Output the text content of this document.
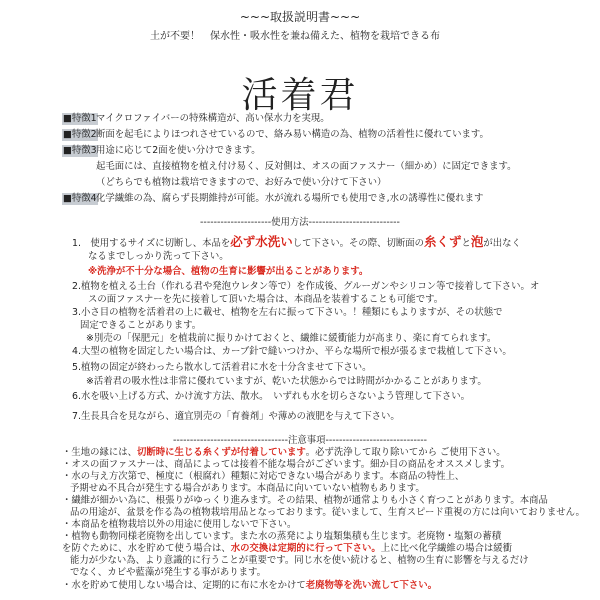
~~~取扱説明書~~~
土が不要！　保水性・吸水性を兼ね備えた、植物を栽培できる布
活着君
■特徴1 マイクロファイバーの特殊構造が、高い保水力を実現。
■特徴2 断面を起毛によりほつれさせているので、絡み易い構造の為、植物の活着性に優れています。
■特徴3 用途に応じて2面を使い分けできます。
起毛面には、直接植物を植え付け易く、反対側は、オスの面ファスナー（細かめ）に固定できます。
（どちらでも植物は栽培できますので、お好みで使い分けて下さい）
■特徴4 化学繊維の為、腐らず長期維持が可能。水が流れる場所でも使用でき,水の誘導性に優れます
---------------------使用方法---------------------------
1.　使用するサイズに切断し、本品を必ず水洗いして下さい。その際、切断面の糸くずと泡が出なく
なるまでしっかり洗って下さい。
※洗浄が不十分な場合、植物の生育に影響が出ることがあります。
2.植物を植える土台（作れる君や発泡ウレタン等で）を作成後、グルーガンやシリコン等で接着して下さい。オ
スの面ファスナーを先に接着して頂いた場合は、本商品を装着することも可能です。
3.小さ目の植物を活着君の上に載せ、植物を左右に振って下さい。！種類にもよりますが、その状態で
固定できることがあります。
※別売の「保肥元」を植栽前に振りかけておくと、繊維に緩衝能力が高まり、楽に育てられます。
4.大型の植物を固定したい場合は、カーブ針で縫いつけか、平らな場所で根が張るまで栽植して下さい。
5.植物の固定が終わったら散水して活着君に水を十分含ませて下さい。
※活着君の吸水性は非常に優れていますが、乾いた状態からでは時間がかかることがあります。
6.水を吸い上げる方式、かけ流す方法、散水。　いずれも水を切らさないよう管理して下さい。
7.生長具合を見ながら、適宜別売の「育養剤」や薄めの液肥を与えて下さい。
----------------------------------注意事項------------------------------
・生地の縁には、切断時に生じる糸くずが付着しています。必ず洗浄して取り除いてから ご使用下さい。
・オスの面ファスナーは、商品によっては接着不能な場合がございます。細か目の商品をオススメします。
・水の与え方次第で、極度に（根腐れ）種類に対応できない場合があります。本商品の特性上、
予期せぬ不具合が発生する場合があります。本商品に向いていない植物もあります。
・繊維が細かい為に、根張りがゆっくり進みます。その結果、植物が通常よりも小さく育つことがあります。本商品
品の用途が、盆景を作る為の植物栽培用品となっております。従いまして、生育スピード重視の方には向いておりません。
・本商品を植物栽培以外の用途に使用しないで下さい。
・植物も動物同様老廃物を出しています。また水の蒸発により塩類集積も生じます。老廃物・塩類の蓄積
を防ぐために、水を貯めて使う場合は、水の交換は定期的に行って下さい。上に比べ化学繊維の場合は緩衝
能力が少ない為、より意識的に行うことが重要です。同じ水を使い続けると、植物の生育に影響を与えるだけ
でなく、カビや藍藻が発生する事があります。
・水を貯めて使用しない場合は、定期的に布に水をかけて老廃物等を洗い流して下さい。
